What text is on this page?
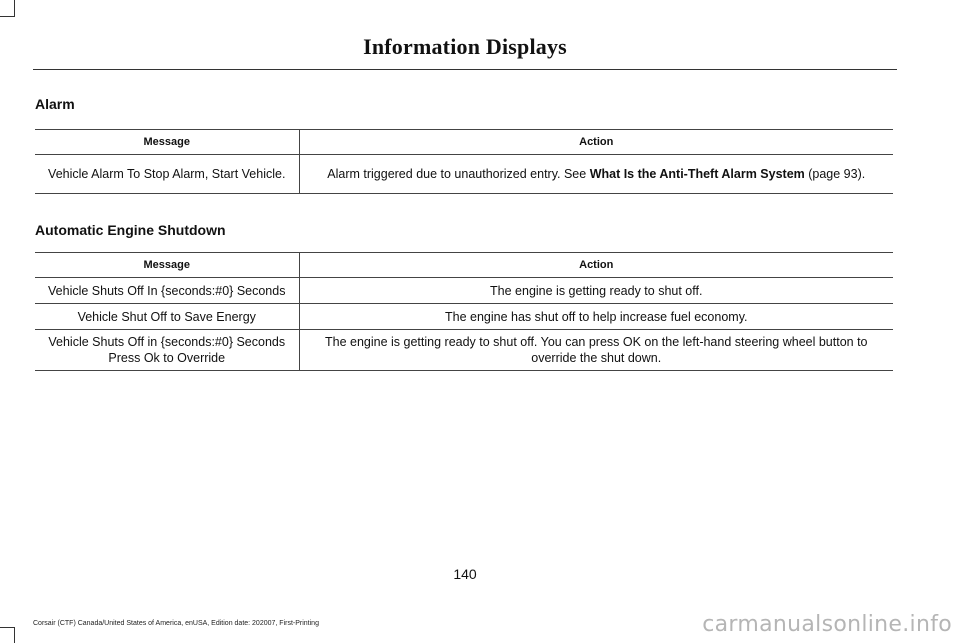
Information Displays
Alarm
Message	Action
Vehicle Alarm To Stop Alarm, Start Vehicle.	Alarm triggered due to unauthorized entry. See What Is the Anti-Theft Alarm System (page 93).
Automatic Engine Shutdown
Message	Action
Vehicle Shuts Off In {seconds:#0} Seconds	The engine is getting ready to shut off.
Vehicle Shut Off to Save Energy	The engine has shut off to help increase fuel economy.
Vehicle Shuts Off in {seconds:#0} Seconds Press Ok to Override	The engine is getting ready to shut off. You can press OK on the left-hand steering wheel button to override the shut down.
140
Corsair (CTF) Canada/United States of America, enUSA, Edition date: 202007, First-Printing	carmanualsonline.info
